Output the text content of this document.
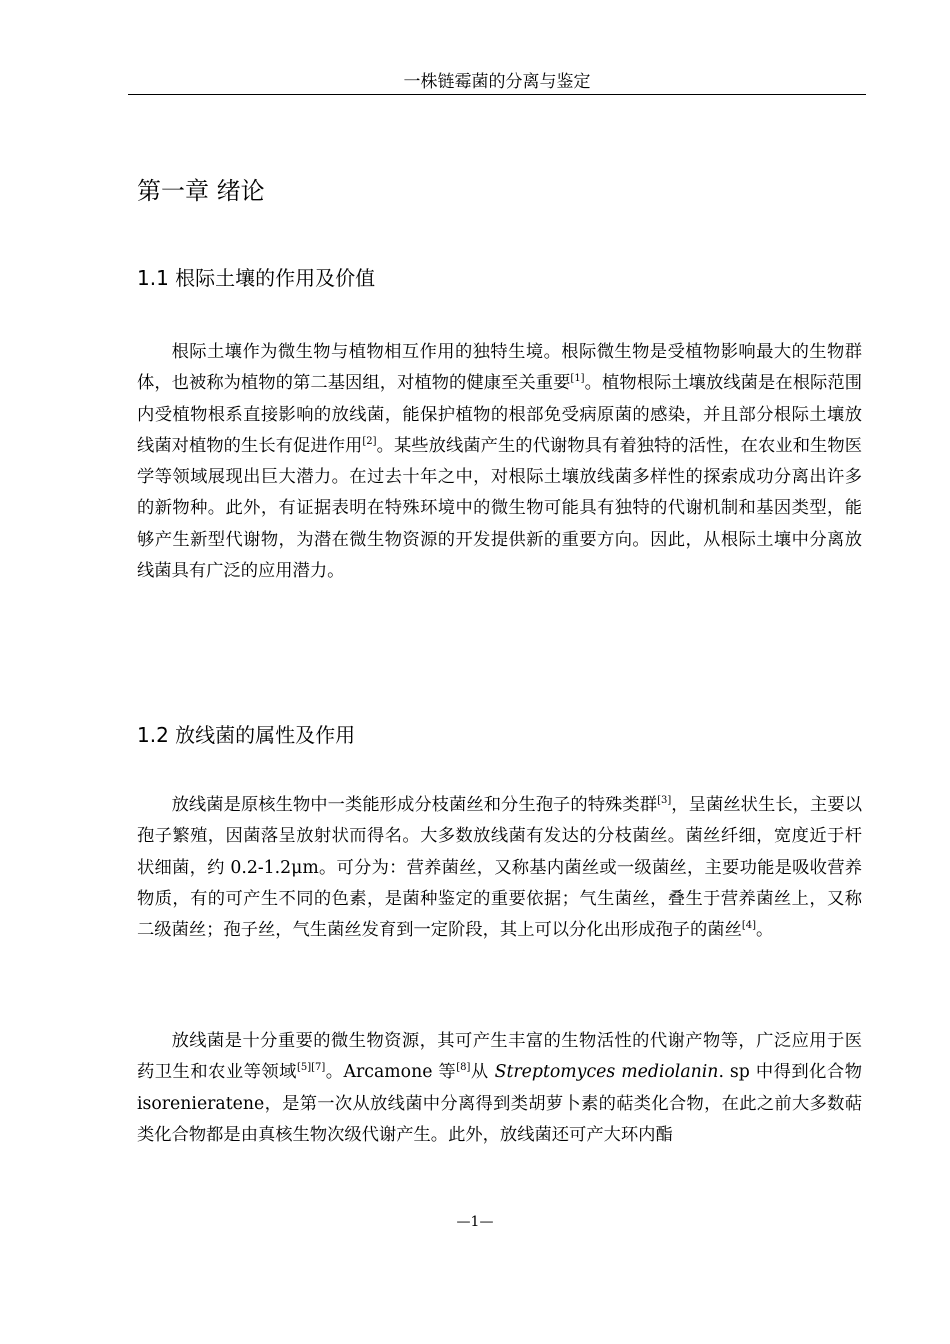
一株链霉菌的分离与鉴定
第一章 绪论
1.1 根际土壤的作用及价值

根际土壤作为微生物与植物相互作用的独特生境。根际微生物是受植物影响最大的生物群体，也被称为植物的第二基因组，对植物的健康至关重要[1]。植物根际土壤放线菌是在根际范围内受植物根系直接影响的放线菌，能保护植物的根部免受病原菌的感染，并且部分根际土壤放线菌对植物的生长有促进作用[2]。某些放线菌产生的代谢物具有着独特的活性，在农业和生物医学等领域展现出巨大潜力。在过去十年之中，对根际土壤放线菌多样性的探索成功分离出许多的新物种。此外，有证据表明在特殊环境中的微生物可能具有独特的代谢机制和基因类型，能够产生新型代谢物，为潜在微生物资源的开发提供新的重要方向。因此，从根际土壤中分离放线菌具有广泛的应用潜力。

1.2 放线菌的属性及作用

放线菌是原核生物中一类能形成分枝菌丝和分生孢子的特殊类群[3]，呈菌丝状生长，主要以孢子繁殖，因菌落呈放射状而得名。大多数放线菌有发达的分枝菌丝。菌丝纤细，宽度近于杆状细菌，约 0.2-1.2μm。可分为：营养菌丝，又称基内菌丝或一级菌丝，主要功能是吸收营养物质，有的可产生不同的色素，是菌种鉴定的重要依据；气生菌丝，叠生于营养菌丝上，又称二级菌丝；孢子丝，气生菌丝发育到一定阶段，其上可以分化出形成孢子的菌丝[4]。

放线菌是十分重要的微生物资源，其可产生丰富的生物活性的代谢产物等，广泛应用于医药卫生和农业等领域[5][7]。Arcamone 等[8]从 Streptomyces mediolanin. sp 中得到化合物 isorenieratene，是第一次从放线菌中分离得到类胡萝卜素的萜类化合物，在此之前大多数萜类化合物都是由真核生物次级代谢产生。此外，放线菌还可产大环内酯

—1—
